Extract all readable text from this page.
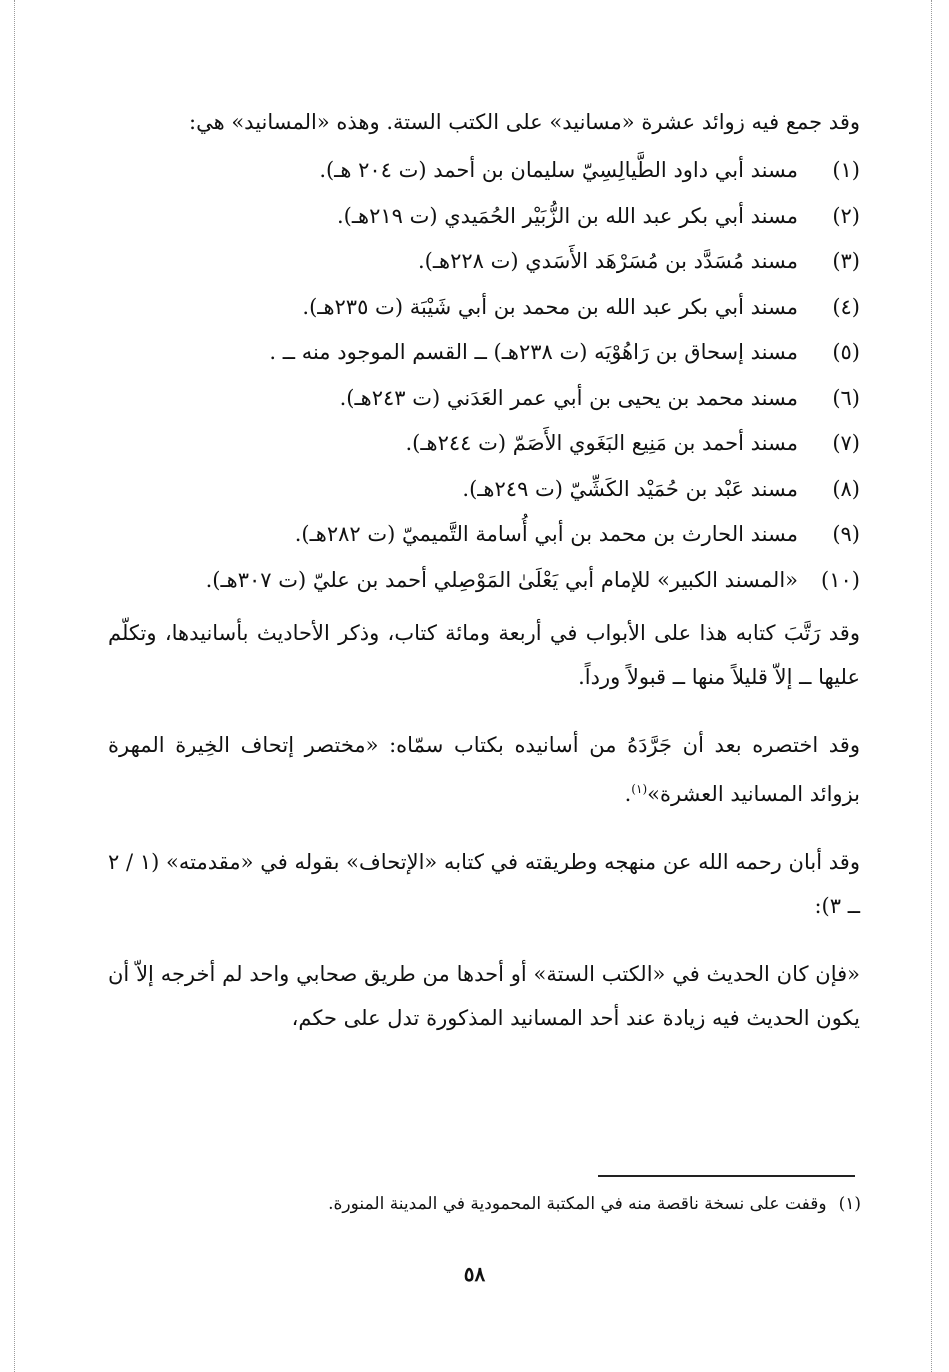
وقد جمع فيه زوائد عشرة «مسانيد» على الكتب الستة. وهذه «المسانيد» هي:

(١)
مسند أبي داود الطَّيالِسِيّ سليمان بن أحمد (ت ٢٠٤ هـ).
(٢)
مسند أبي بكر عبد الله بن الزُّبَيْر الحُمَيدي (ت ٢١٩هـ).
(٣)
مسند مُسَدَّد بن مُسَرْهَد الأَسَدي (ت ٢٢٨هـ).
(٤)
مسند أبي بكر عبد الله بن محمد بن أبي شَيْبَة (ت ٢٣٥هـ).
(٥)
مسند إسحاق بن رَاهُوْيَه (ت ٢٣٨هـ) ــ القسم الموجود منه ــ .
(٦)
مسند محمد بن يحيى بن أبي عمر العَدَني (ت ٢٤٣هـ).
(٧)
مسند أحمد بن مَنِيع البَغَوي الأَصَمّ (ت ٢٤٤هـ).
(٨)
مسند عَبْد بن حُمَيْد الكَشِّيّ (ت ٢٤٩هـ).
(٩)
مسند الحارث بن محمد بن أبي أُسامة التَّميميّ (ت ٢٨٢هـ).
(١٠)
«المسند الكبير» للإمام أبي يَعْلَىٰ المَوْصِلي أحمد بن عليّ (ت ٣٠٧هـ).

وقد رَتَّبَ كتابه هذا على الأبواب في أربعة ومائة كتاب، وذكر الأحاديث بأسانيدها، وتكلّم عليها ــ إلاّ قليلاً منها ــ قبولاً ورداً.

وقد اختصره بعد أن جَرَّدَهُ من أسانيده بكتاب سمّاه: «مختصر إتحاف الخِيرة المهرة بزوائد المسانيد العشرة»$^{(١)}$.

وقد أبان رحمه الله عن منهجه وطريقته في كتابه «الإتحاف» بقوله في «مقدمته» (١ / ٢ ــ ٣):

«فإن كان الحديث في «الكتب الستة» أو أحدها من طريق صحابي واحد لم أخرجه إلاّ أن يكون الحديث فيه زيادة عند أحد المسانيد المذكورة تدل على حكم،

(١)وقفت على نسخة ناقصة منه في المكتبة المحمودية في المدينة المنورة.
٥٨
